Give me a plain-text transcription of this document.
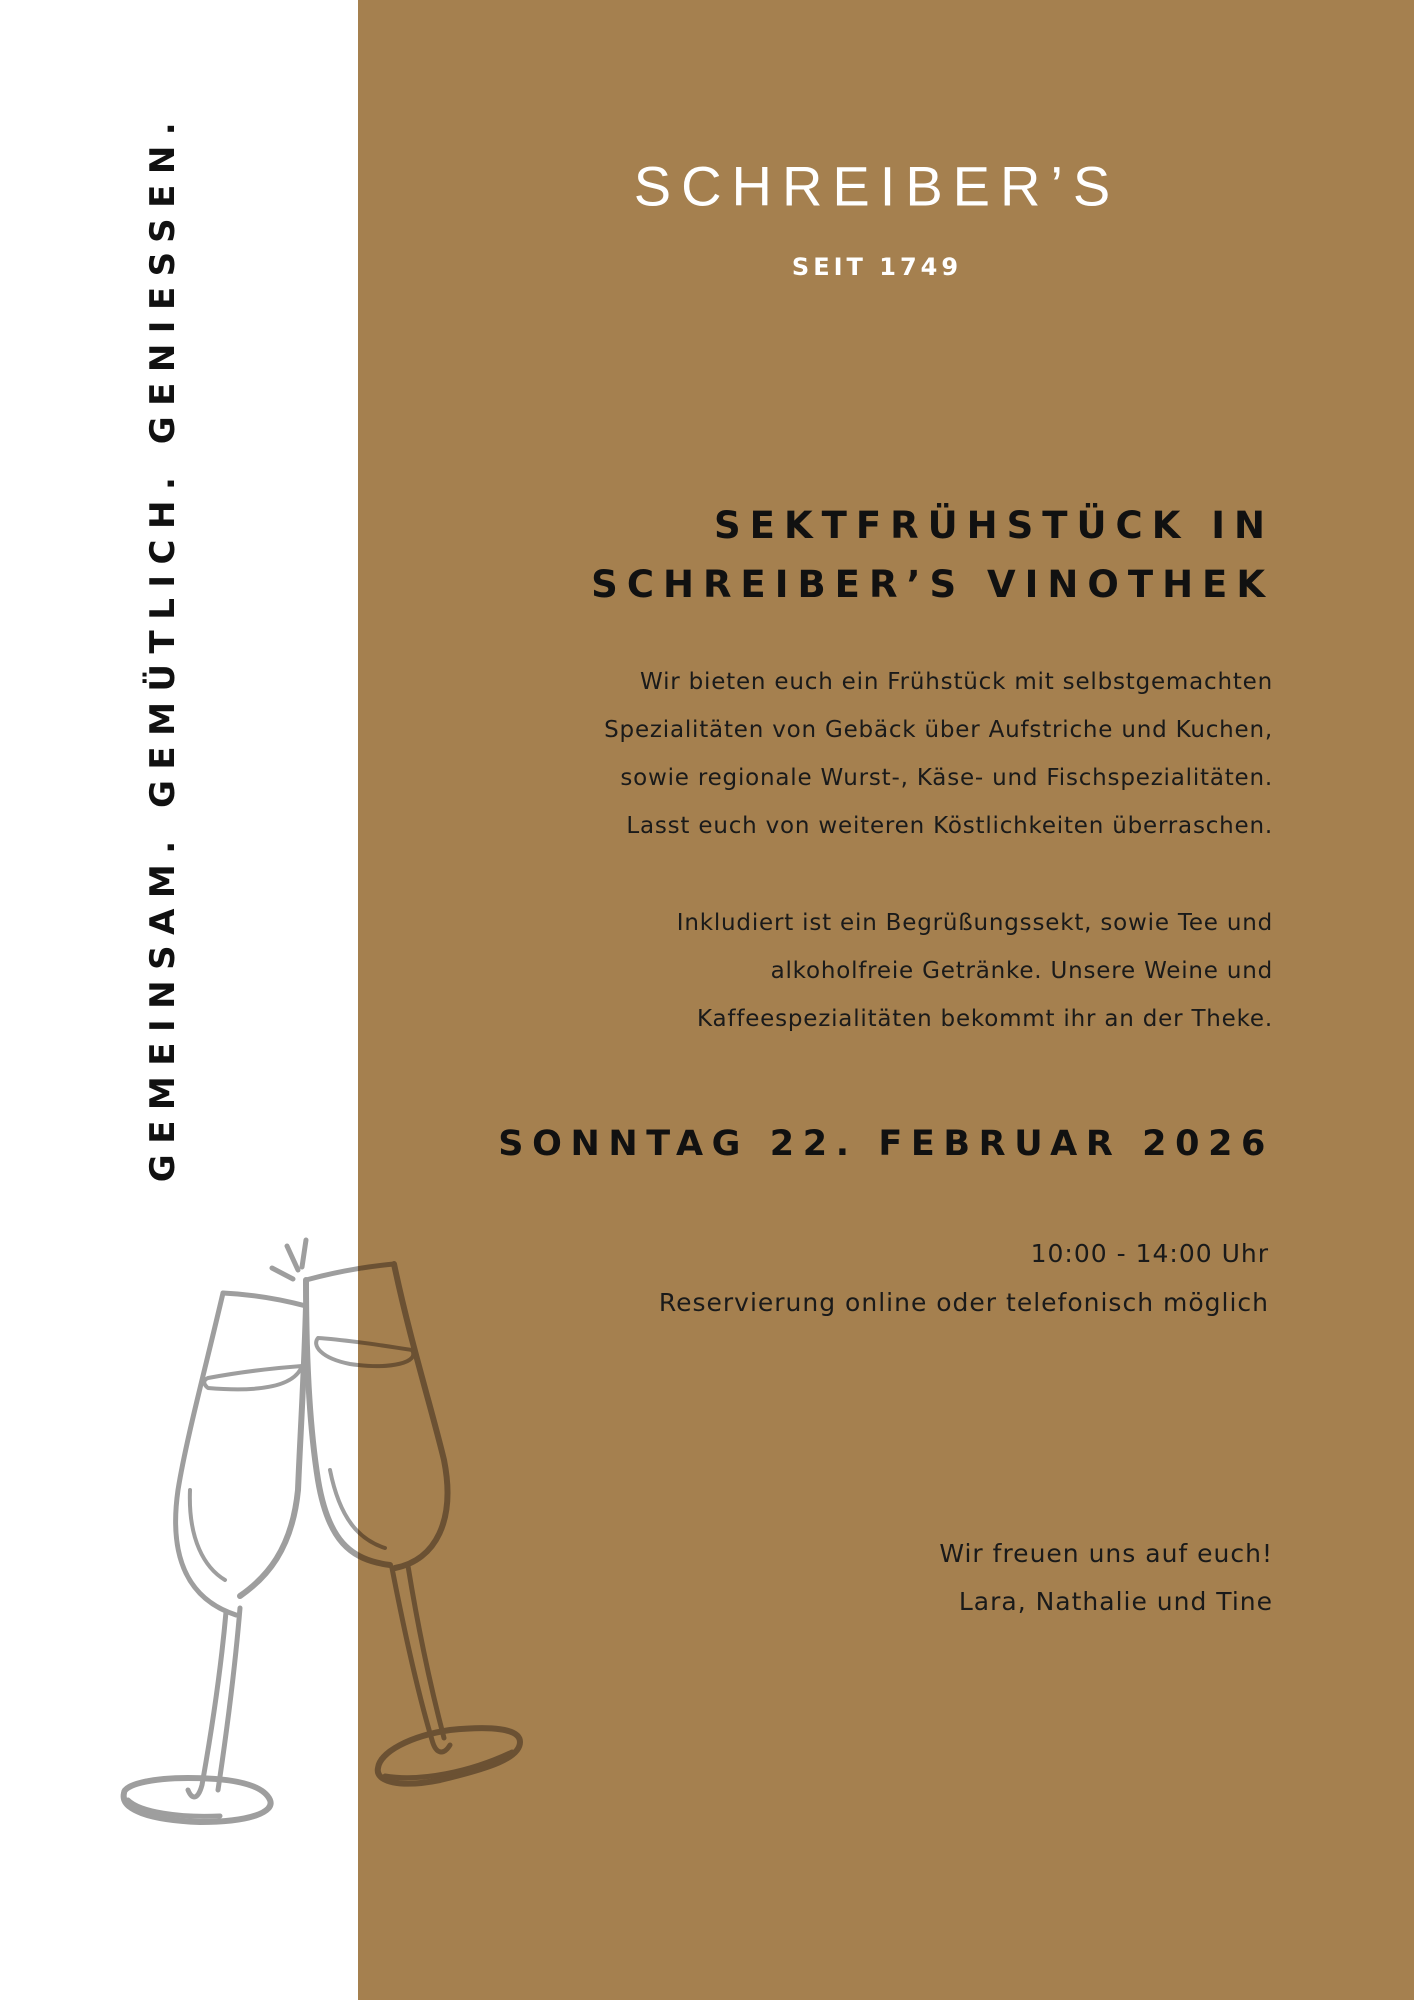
GEMEINSAM. GEMÜTLICH. GENIESSEN.	SCHREIBER’S
SEIT 1749
SEKTFRÜHSTÜCK IN
SCHREIBER’S VINOTHEK

Wir bieten euch ein Frühstück mit selbstgemachten
Spezialitäten von Gebäck über Aufstriche und Kuchen,
sowie regionale Wurst-, Käse- und Fischspezialitäten.
Lasst euch von weiteren Köstlichkeiten überraschen.

Inkludiert ist ein Begrüßungssekt, sowie Tee und
alkoholfreie Getränke. Unsere Weine und
Kaffeespezialitäten bekommt ihr an der Theke.

SONNTAG 22. FEBRUAR 2026
10:00 - 14:00 Uhr
Reservierung online oder telefonisch möglich
Wir freuen uns auf euch!
Lara, Nathalie und Tine
